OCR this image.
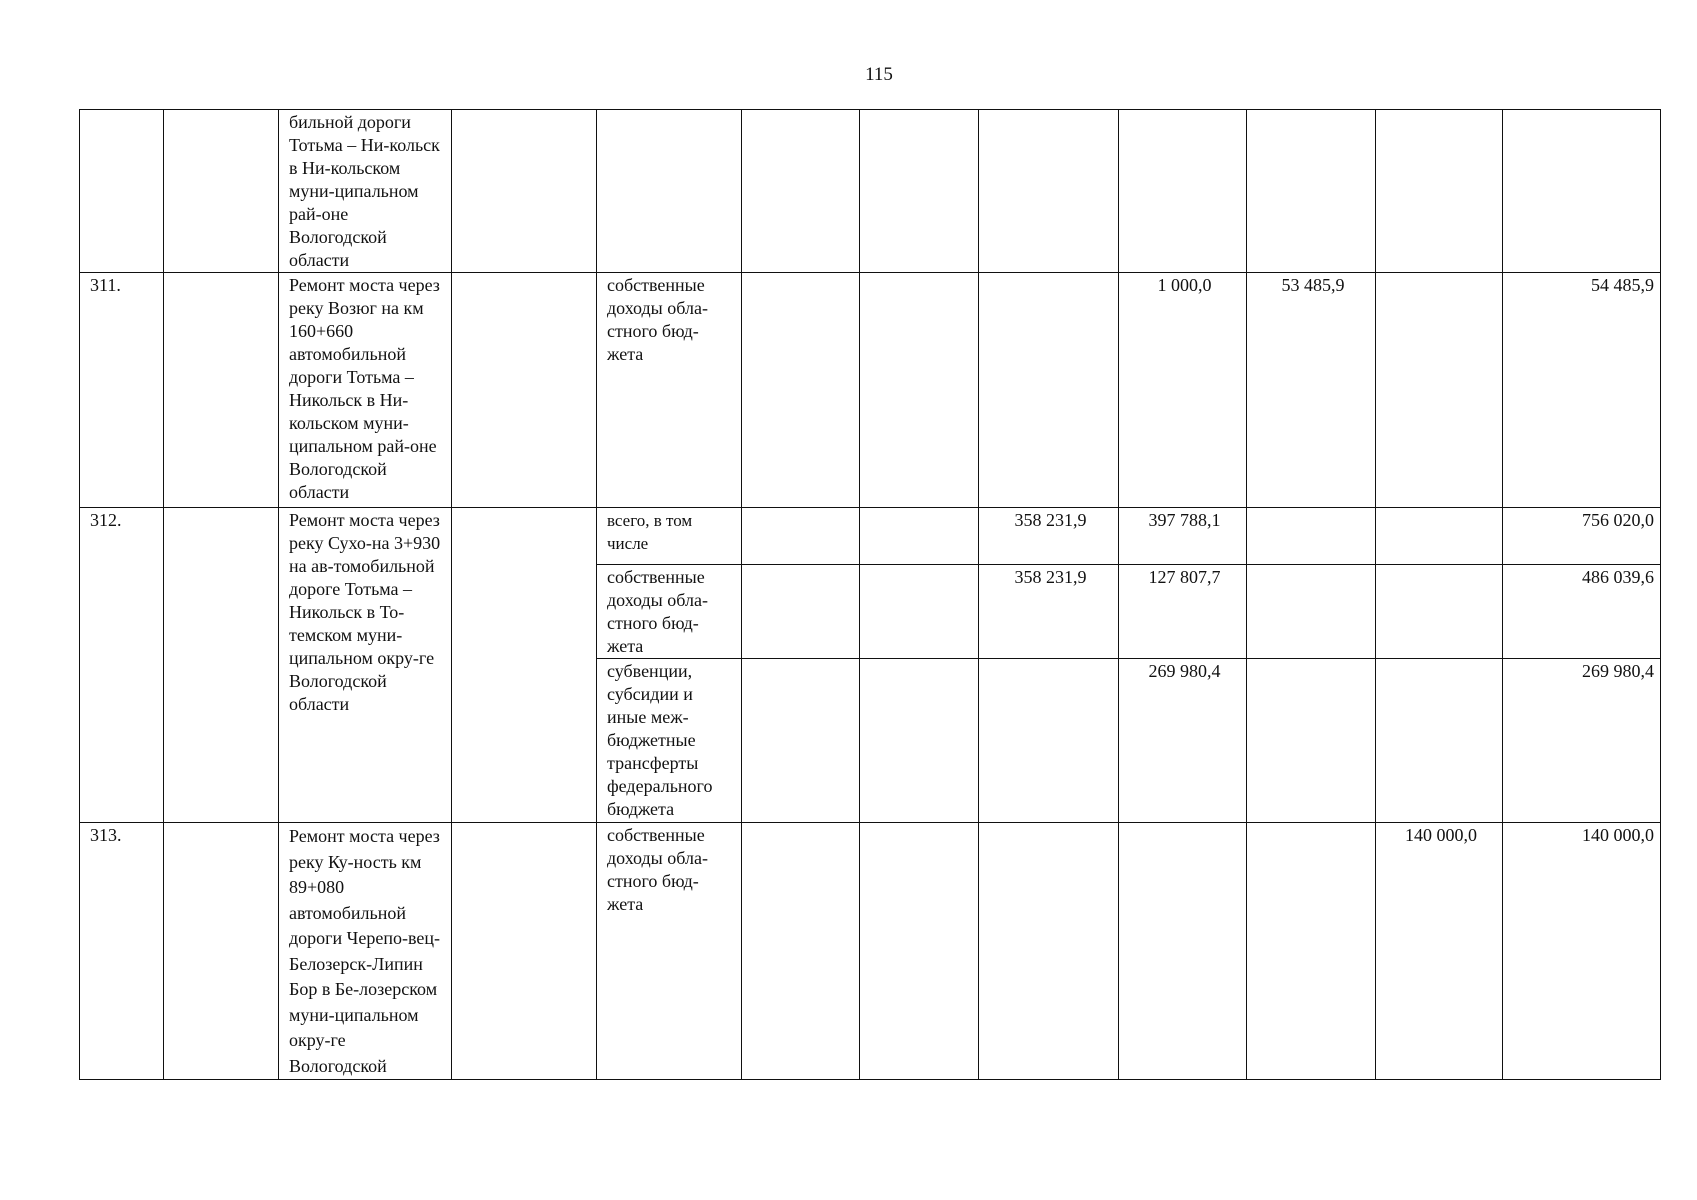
115
		бильной дороги Тотьма – Ни-кольск в Ни-кольском муни-ципальном рай-оне Вологодской области									
311.		Ремонт моста через реку Возюг на км 160+660 автомобильной дороги Тотьма – Никольск в Ни-кольском муни-ципальном рай-оне Вологодской области		собственные доходы обла-стного бюд-жета				1 000,0	53 485,9		54 485,9
312.		Ремонт моста через реку Сухо-на 3+930 на ав-томобильной дороге Тотьма – Никольск в То-темском муни-ципальном окру-ге Вологодской области		всего, в том числе			358 231,9	397 788,1			756 020,0
				собственные доходы обла-стного бюд-жета			358 231,9	127 807,7			486 039,6
				субвенции, субсидии и иные меж-бюджетные трансферты федерального бюджета				269 980,4			269 980,4
313.		Ремонт моста через реку Ку-ность км 89+080 автомобильной дороги Черепо-вец-Белозерск-Липин Бор в Бе-лозерском муни-ципальном окру-ге Вологодской		собственные доходы обла-стного бюд-жета						140 000,0	140 000,0
